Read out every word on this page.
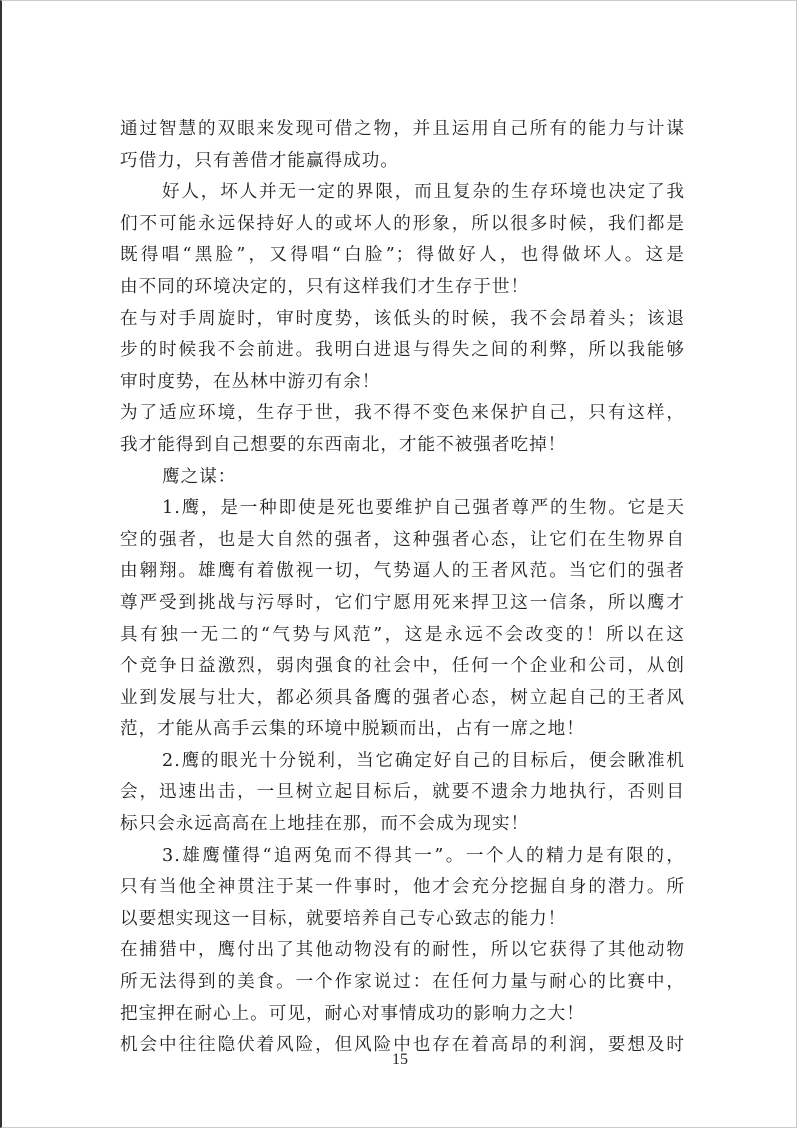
通过智慧的双眼来发现可借之物，并且运用自己所有的能力与计谋
巧借力，只有善借才能赢得成功。
好人，坏人并无一定的界限，而且复杂的生存环境也决定了我
们不可能永远保持好人的或坏人的形象，所以很多时候，我们都是
既得唱“黑脸”，又得唱“白脸”；得做好人，也得做坏人。这是
由不同的环境决定的，只有这样我们才生存于世！
在与对手周旋时，审时度势，该低头的时候，我不会昂着头；该退
步的时候我不会前进。我明白进退与得失之间的利弊，所以我能够
审时度势，在丛林中游刃有余！
为了适应环境，生存于世，我不得不变色来保护自己，只有这样，
我才能得到自己想要的东西南北，才能不被强者吃掉！
鹰之谋：
1.鹰，是一种即使是死也要维护自己强者尊严的生物。它是天
空的强者，也是大自然的强者，这种强者心态，让它们在生物界自
由翱翔。雄鹰有着傲视一切，气势逼人的王者风范。当它们的强者
尊严受到挑战与污辱时，它们宁愿用死来捍卫这一信条，所以鹰才
具有独一无二的“气势与风范”，这是永远不会改变的！所以在这
个竞争日益激烈，弱肉强食的社会中，任何一个企业和公司，从创
业到发展与壮大，都必须具备鹰的强者心态，树立起自己的王者风
范，才能从高手云集的环境中脱颖而出，占有一席之地！
2.鹰的眼光十分锐利，当它确定好自己的目标后，便会瞅准机
会，迅速出击，一旦树立起目标后，就要不遗余力地执行，否则目
标只会永远高高在上地挂在那，而不会成为现实！
3.雄鹰懂得“追两兔而不得其一”。一个人的精力是有限的，
只有当他全神贯注于某一件事时，他才会充分挖掘自身的潜力。所
以要想实现这一目标，就要培养自己专心致志的能力！
在捕猎中，鹰付出了其他动物没有的耐性，所以它获得了其他动物
所无法得到的美食。一个作家说过：在任何力量与耐心的比赛中，
把宝押在耐心上。可见，耐心对事情成功的影响力之大！
机会中往往隐伏着风险，但风险中也存在着高昂的利润，要想及时
15
